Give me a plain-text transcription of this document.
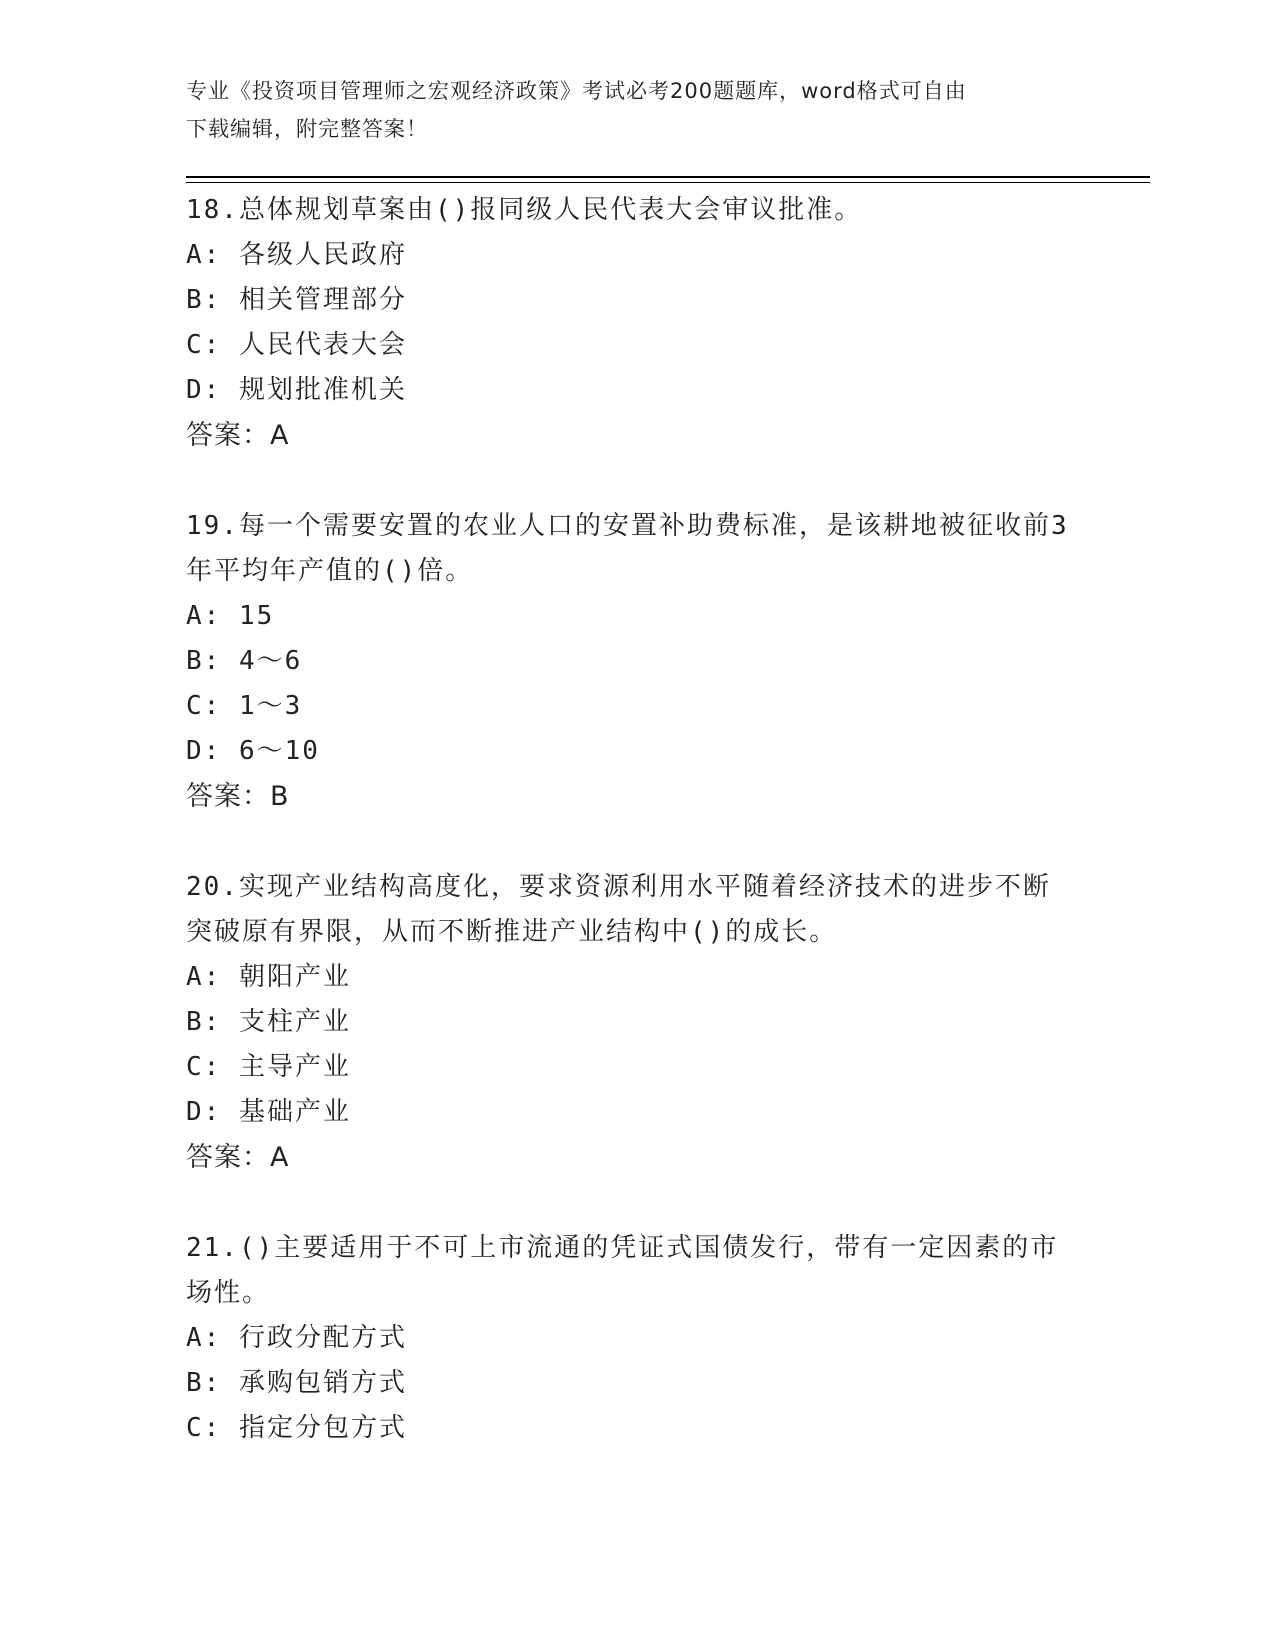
专业《投资项目管理师之宏观经济政策》考试必考200题题库，word格式可自由
下载编辑，附完整答案！
18.总体规划草案由()报同级人民代表大会审议批准。
A: 各级人民政府
B: 相关管理部分
C: 人民代表大会
D: 规划批准机关
答案：A
19.每一个需要安置的农业人口的安置补助费标准，是该耕地被征收前3年平均年产值的()倍。
A: 15
B: 4～6
C: 1～3
D: 6～10
答案：B
20.实现产业结构高度化，要求资源利用水平随着经济技术的进步不断突破原有界限，从而不断推进产业结构中()的成长。
A: 朝阳产业
B: 支柱产业
C: 主导产业
D: 基础产业
答案：A
21.()主要适用于不可上市流通的凭证式国债发行，带有一定因素的市场性。
A: 行政分配方式
B: 承购包销方式
C: 指定分包方式
